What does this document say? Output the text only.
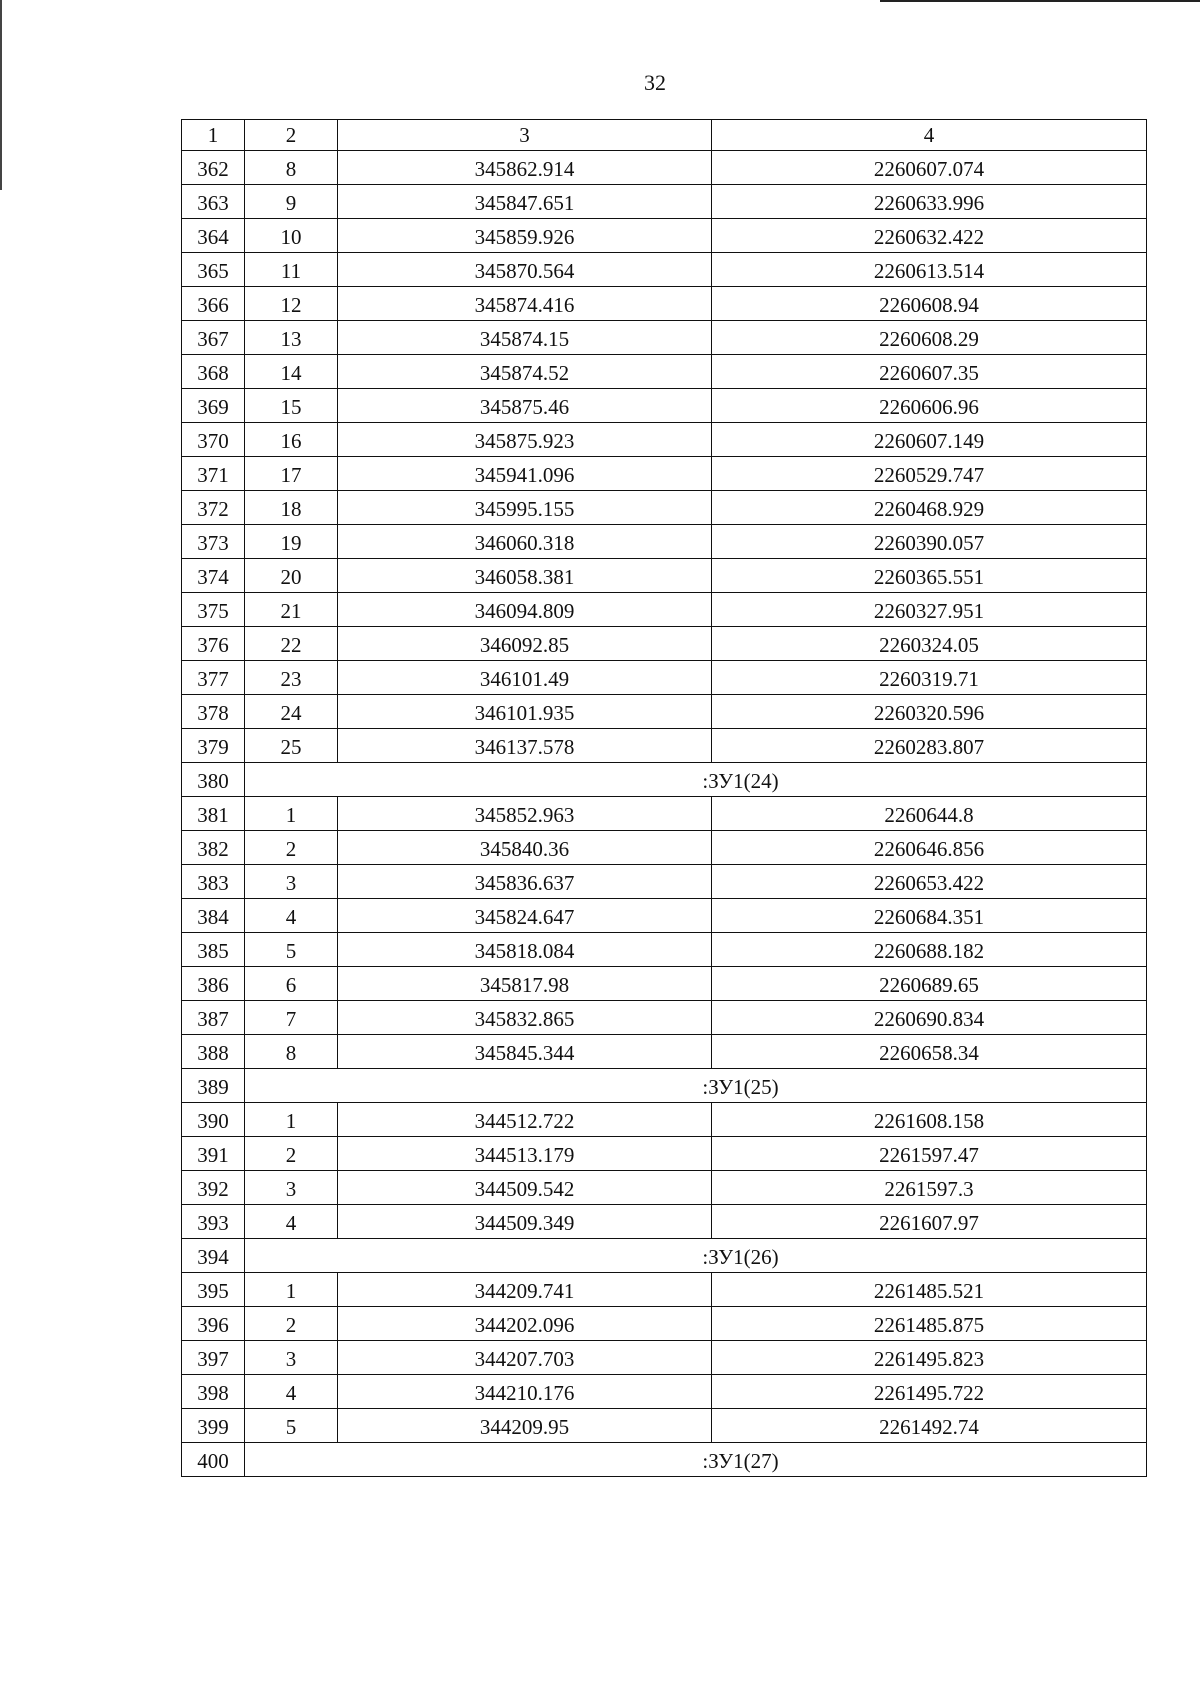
32
1	2	3	4
362	8	345862.914	2260607.074
363	9	345847.651	2260633.996
364	10	345859.926	2260632.422
365	11	345870.564	2260613.514
366	12	345874.416	2260608.94
367	13	345874.15	2260608.29
368	14	345874.52	2260607.35
369	15	345875.46	2260606.96
370	16	345875.923	2260607.149
371	17	345941.096	2260529.747
372	18	345995.155	2260468.929
373	19	346060.318	2260390.057
374	20	346058.381	2260365.551
375	21	346094.809	2260327.951
376	22	346092.85	2260324.05
377	23	346101.49	2260319.71
378	24	346101.935	2260320.596
379	25	346137.578	2260283.807
380	:ЗУ1(24)		
381	1	345852.963	2260644.8
382	2	345840.36	2260646.856
383	3	345836.637	2260653.422
384	4	345824.647	2260684.351
385	5	345818.084	2260688.182
386	6	345817.98	2260689.65
387	7	345832.865	2260690.834
388	8	345845.344	2260658.34
389	:ЗУ1(25)		
390	1	344512.722	2261608.158
391	2	344513.179	2261597.47
392	3	344509.542	2261597.3
393	4	344509.349	2261607.97
394	:ЗУ1(26)		
395	1	344209.741	2261485.521
396	2	344202.096	2261485.875
397	3	344207.703	2261495.823
398	4	344210.176	2261495.722
399	5	344209.95	2261492.74
400	:ЗУ1(27)		
